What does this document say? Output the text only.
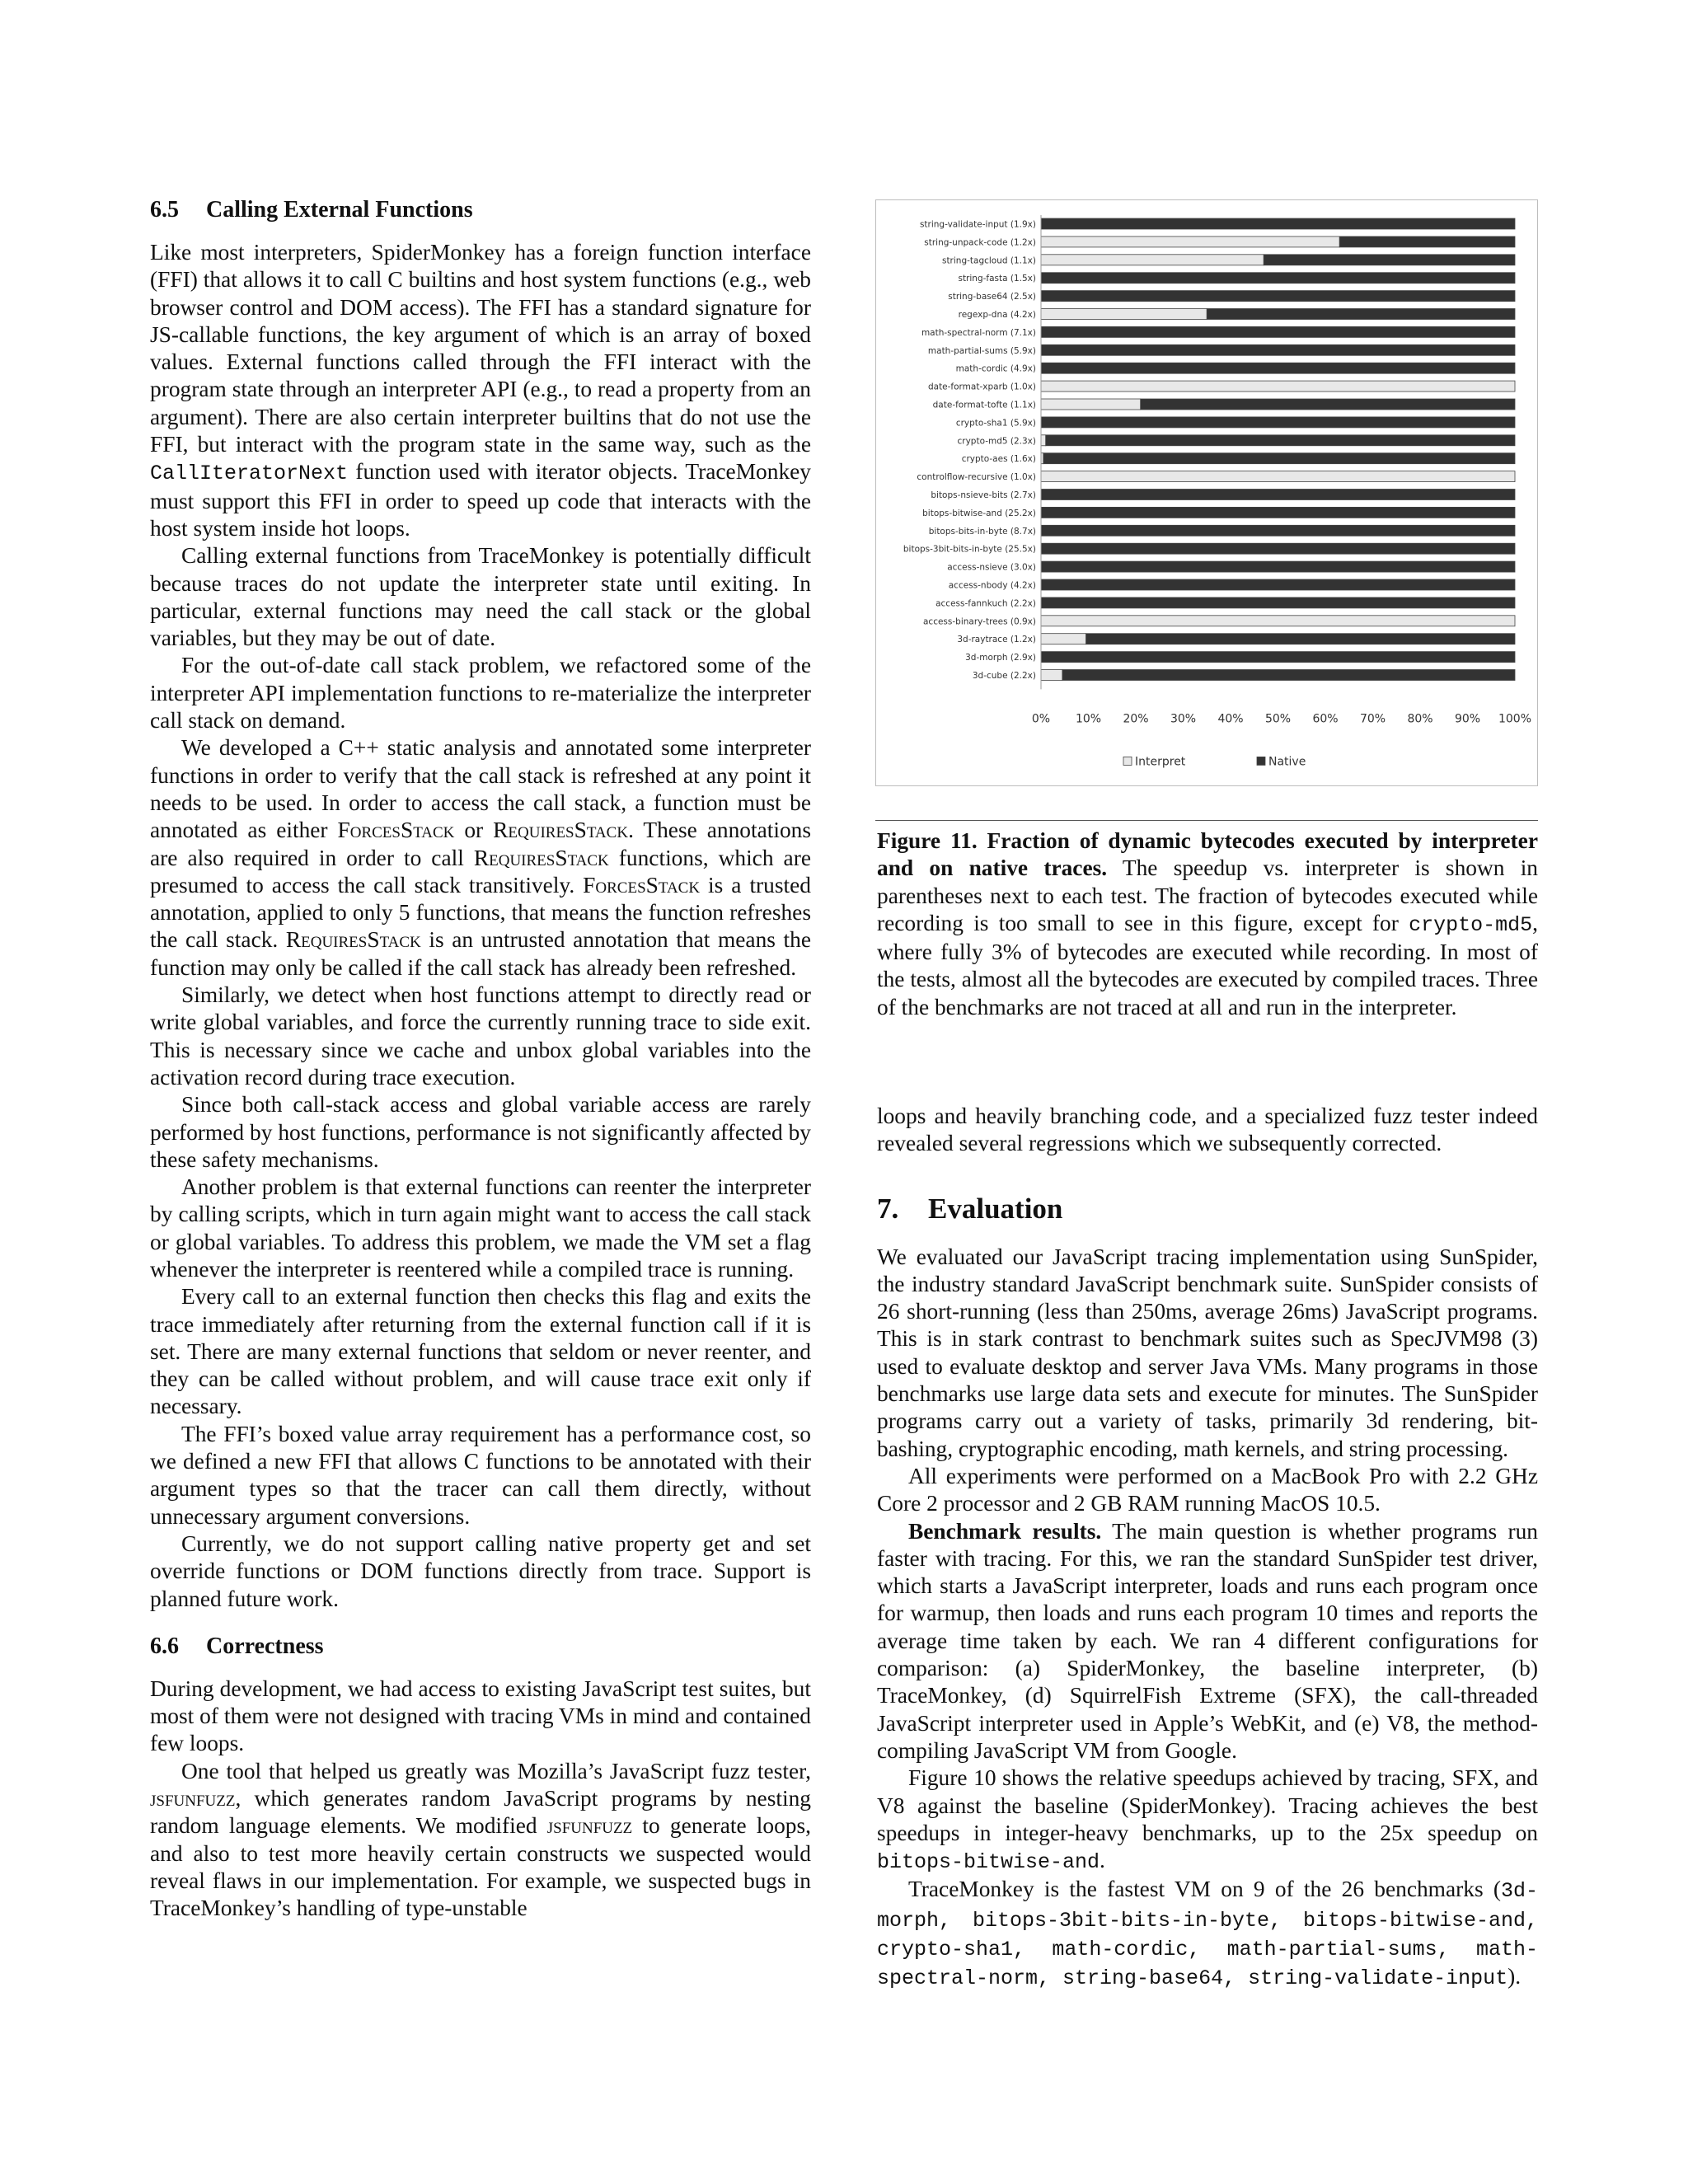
6.5 Calling External Functions

Like most interpreters, SpiderMonkey has a foreign function interface (FFI) that allows it to call C builtins and host system functions (e.g., web browser control and DOM access). The FFI has a standard signature for JS-callable functions, the key argument of which is an array of boxed values. External functions called through the FFI interact with the program state through an interpreter API (e.g., to read a property from an argument). There are also certain interpreter builtins that do not use the FFI, but interact with the program state in the same way, such as the CallIteratorNext function used with iterator objects. TraceMonkey must support this FFI in order to speed up code that interacts with the host system inside hot loops.

Calling external functions from TraceMonkey is potentially difficult because traces do not update the interpreter state until exiting. In particular, external functions may need the call stack or the global variables, but they may be out of date.

For the out-of-date call stack problem, we refactored some of the interpreter API implementation functions to re-materialize the interpreter call stack on demand.

We developed a C++ static analysis and annotated some interpreter functions in order to verify that the call stack is refreshed at any point it needs to be used. In order to access the call stack, a function must be annotated as either ForcesStack or RequiresStack. These annotations are also required in order to call RequiresStack functions, which are presumed to access the call stack transitively. ForcesStack is a trusted annotation, applied to only 5 functions, that means the function refreshes the call stack. RequiresStack is an untrusted annotation that means the function may only be called if the call stack has already been refreshed.

Similarly, we detect when host functions attempt to directly read or write global variables, and force the currently running trace to side exit. This is necessary since we cache and unbox global variables into the activation record during trace execution.

Since both call-stack access and global variable access are rarely performed by host functions, performance is not significantly affected by these safety mechanisms.

Another problem is that external functions can reenter the interpreter by calling scripts, which in turn again might want to access the call stack or global variables. To address this problem, we made the VM set a flag whenever the interpreter is reentered while a compiled trace is running.

Every call to an external function then checks this flag and exits the trace immediately after returning from the external function call if it is set. There are many external functions that seldom or never reenter, and they can be called without problem, and will cause trace exit only if necessary.

The FFI’s boxed value array requirement has a performance cost, so we defined a new FFI that allows C functions to be annotated with their argument types so that the tracer can call them directly, without unnecessary argument conversions.

Currently, we do not support calling native property get and set override functions or DOM functions directly from trace. Support is planned future work.

6.6 Correctness

During development, we had access to existing JavaScript test suites, but most of them were not designed with tracing VMs in mind and contained few loops.

One tool that helped us greatly was Mozilla’s JavaScript fuzz tester, jsfunfuzz, which generates random JavaScript programs by nesting random language elements. We modified jsfunfuzz to generate loops, and also to test more heavily certain constructs we suspected would reveal flaws in our implementation. For example, we suspected bugs in TraceMonkey’s handling of type-unstable

string-validate-input (1.9x)
string-unpack-code (1.2x)
string-tagcloud (1.1x)
string-fasta (1.5x)
string-base64 (2.5x)
regexp-dna (4.2x)
math-spectral-norm (7.1x)
math-partial-sums (5.9x)
math-cordic (4.9x)
date-format-xparb (1.0x)
date-format-tofte (1.1x)
crypto-sha1 (5.9x)
crypto-md5 (2.3x)
crypto-aes (1.6x)
controlflow-recursive (1.0x)
bitops-nsieve-bits (2.7x)
bitops-bitwise-and (25.2x)
bitops-bits-in-byte (8.7x)
bitops-3bit-bits-in-byte (25.5x)
access-nsieve (3.0x)
access-nbody (4.2x)
access-fannkuch (2.2x)
access-binary-trees (0.9x)
3d-raytrace (1.2x)
3d-morph (2.9x)
3d-cube (2.2x)
0% 10% 20% 30% 40% 50% 60% 70% 80% 90% 100%
Interpret	Native

Figure 11. Fraction of dynamic bytecodes executed by interpreter and on native traces. The speedup vs. interpreter is shown in parentheses next to each test. The fraction of bytecodes executed while recording is too small to see in this figure, except for crypto-md5, where fully 3% of bytecodes are executed while recording. In most of the tests, almost all the bytecodes are executed by compiled traces. Three of the benchmarks are not traced at all and run in the interpreter.

loops and heavily branching code, and a specialized fuzz tester indeed revealed several regressions which we subsequently corrected.

7. Evaluation

We evaluated our JavaScript tracing implementation using SunSpider, the industry standard JavaScript benchmark suite. SunSpider consists of 26 short-running (less than 250ms, average 26ms) JavaScript programs. This is in stark contrast to benchmark suites such as SpecJVM98 (3) used to evaluate desktop and server Java VMs. Many programs in those benchmarks use large data sets and execute for minutes. The SunSpider programs carry out a variety of tasks, primarily 3d rendering, bit-bashing, cryptographic encoding, math kernels, and string processing.

All experiments were performed on a MacBook Pro with 2.2 GHz Core 2 processor and 2 GB RAM running MacOS 10.5.

Benchmark results. The main question is whether programs run faster with tracing. For this, we ran the standard SunSpider test driver, which starts a JavaScript interpreter, loads and runs each program once for warmup, then loads and runs each program 10 times and reports the average time taken by each. We ran 4 different configurations for comparison: (a) SpiderMonkey, the baseline interpreter, (b) TraceMonkey, (d) SquirrelFish Extreme (SFX), the call-threaded JavaScript interpreter used in Apple’s WebKit, and (e) V8, the method-compiling JavaScript VM from Google.

Figure 10 shows the relative speedups achieved by tracing, SFX, and V8 against the baseline (SpiderMonkey). Tracing achieves the best speedups in integer-heavy benchmarks, up to the 25x speedup on bitops-bitwise-and.

TraceMonkey is the fastest VM on 9 of the 26 benchmarks (3d-morph, bitops-3bit-bits-in-byte, bitops-bitwise-and, crypto-sha1, math-cordic, math-partial-sums, math-spectral-norm, string-base64, string-validate-input).
